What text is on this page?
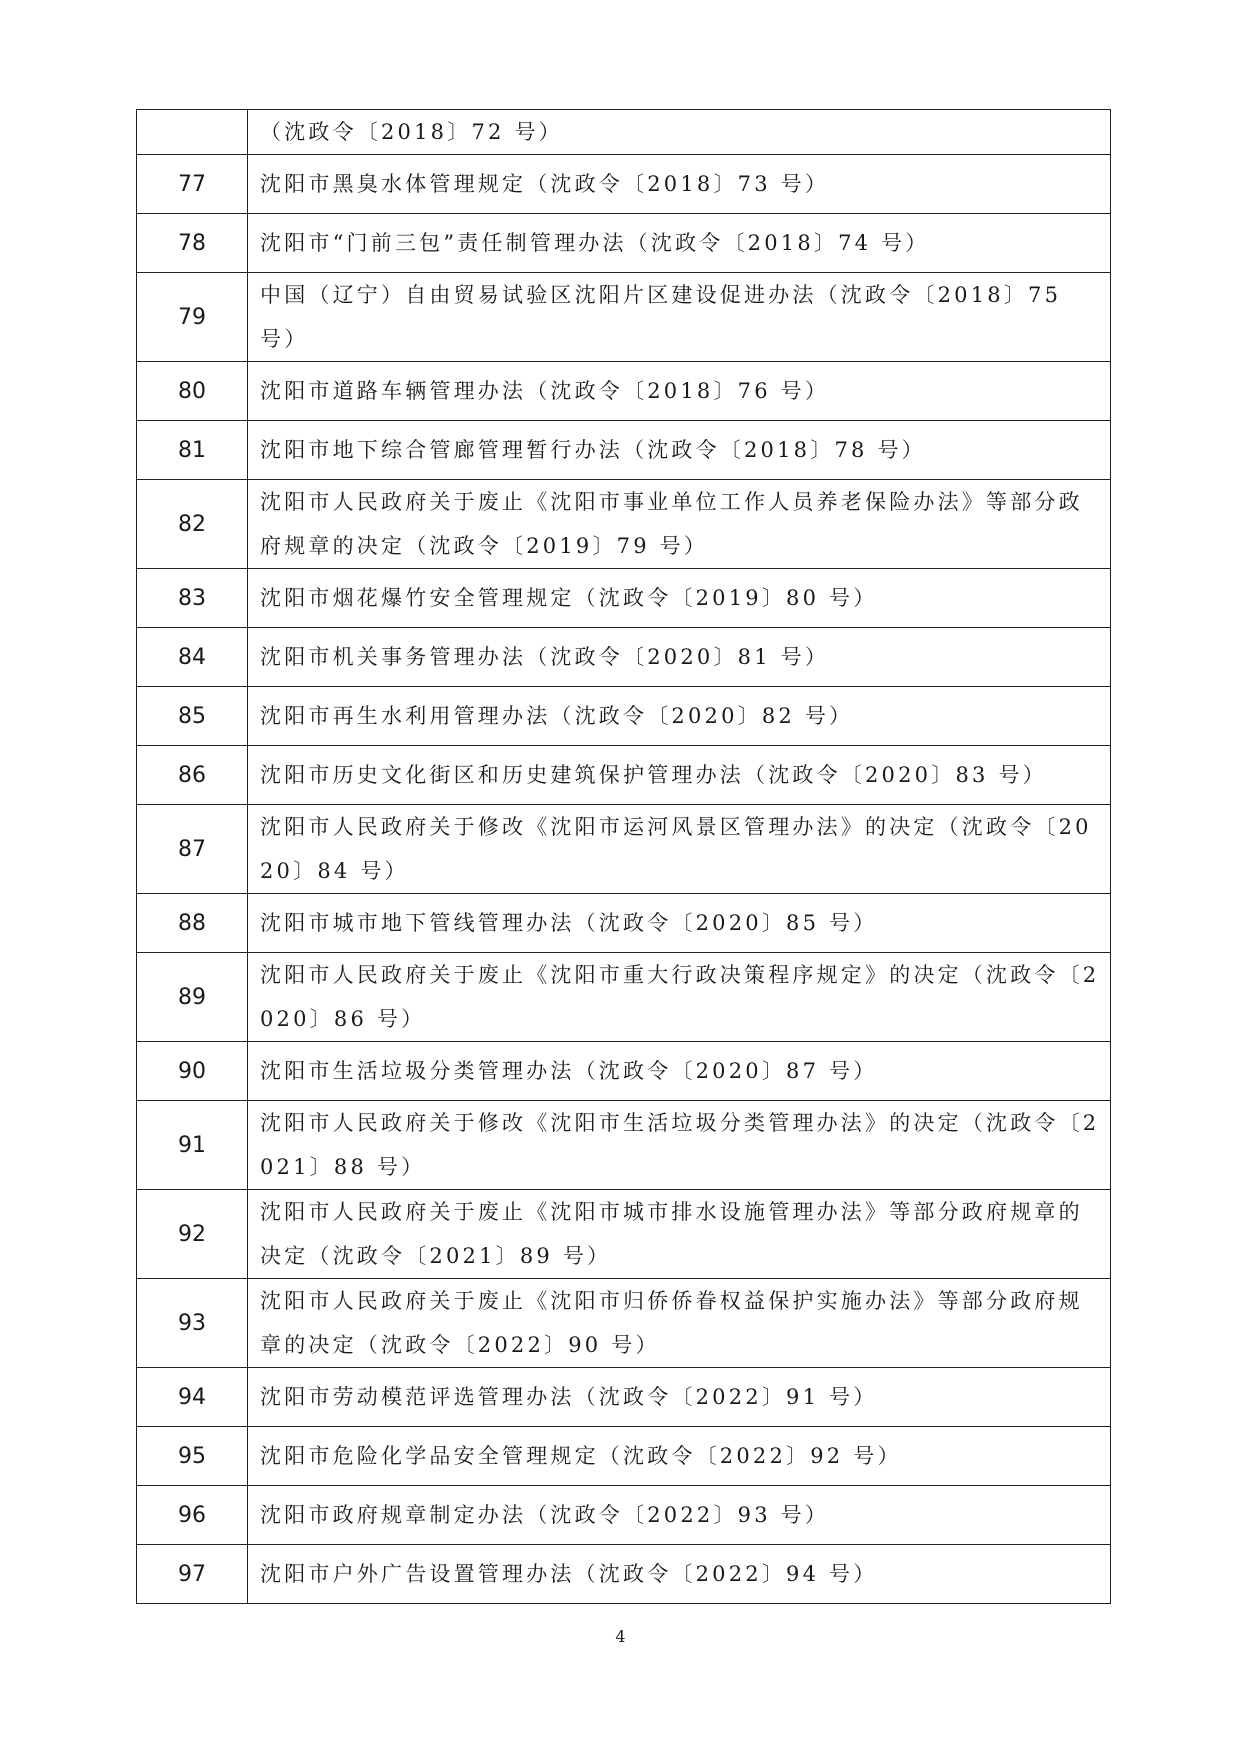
	（沈政令〔2018〕72 号）
77	沈阳市黑臭水体管理规定（沈政令〔2018〕73 号）
78	沈阳市“门前三包”责任制管理办法（沈政令〔2018〕74 号）
79	中国（辽宁）自由贸易试验区沈阳片区建设促进办法（沈政令〔2018〕75 号）
80	沈阳市道路车辆管理办法（沈政令〔2018〕76 号）
81	沈阳市地下综合管廊管理暂行办法（沈政令〔2018〕78 号）
82	沈阳市人民政府关于废止《沈阳市事业单位工作人员养老保险办法》等部分政府规章的决定（沈政令〔2019〕79 号）
83	沈阳市烟花爆竹安全管理规定（沈政令〔2019〕80 号）
84	沈阳市机关事务管理办法（沈政令〔2020〕81 号）
85	沈阳市再生水利用管理办法（沈政令〔2020〕82 号）
86	沈阳市历史文化街区和历史建筑保护管理办法（沈政令〔2020〕83 号）
87	沈阳市人民政府关于修改《沈阳市运河风景区管理办法》的决定（沈政令〔2020〕84 号）
88	沈阳市城市地下管线管理办法（沈政令〔2020〕85 号）
89	沈阳市人民政府关于废止《沈阳市重大行政决策程序规定》的决定（沈政令〔2020〕86 号）
90	沈阳市生活垃圾分类管理办法（沈政令〔2020〕87 号）
91	沈阳市人民政府关于修改《沈阳市生活垃圾分类管理办法》的决定（沈政令〔2021〕88 号）
92	沈阳市人民政府关于废止《沈阳市城市排水设施管理办法》等部分政府规章的决定（沈政令〔2021〕89 号）
93	沈阳市人民政府关于废止《沈阳市归侨侨眷权益保护实施办法》等部分政府规章的决定（沈政令〔2022〕90 号）
94	沈阳市劳动模范评选管理办法（沈政令〔2022〕91 号）
95	沈阳市危险化学品安全管理规定（沈政令〔2022〕92 号）
96	沈阳市政府规章制定办法（沈政令〔2022〕93 号）
97	沈阳市户外广告设置管理办法（沈政令〔2022〕94 号）
4
